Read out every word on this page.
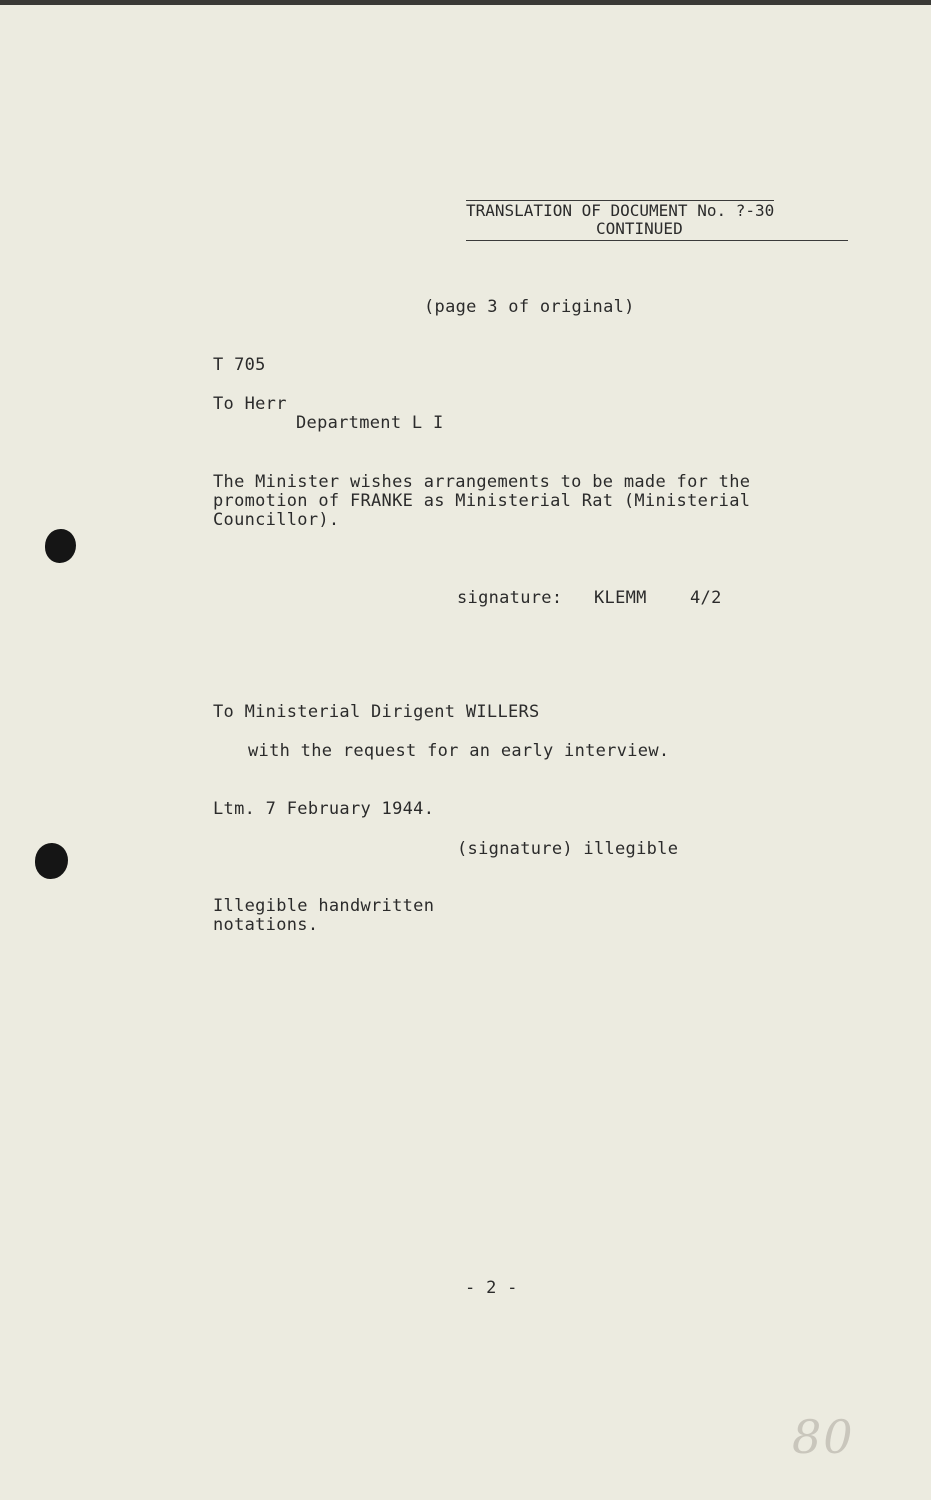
TRANSLATION OF DOCUMENT No. ?-30
CONTINUED

(page 3 of original)

T 705

To Herr

Department L I

The Minister wishes arrangements to be made for the

promotion of FRANKE as Ministerial Rat (Ministerial

Councillor).

signature: KLEMM	4/2

To Ministerial Dirigent WILLERS

with the request for an early interview.

Ltm. 7 February 1944.

(signature) illegible

Illegible handwritten

notations.

- 2 -

80
